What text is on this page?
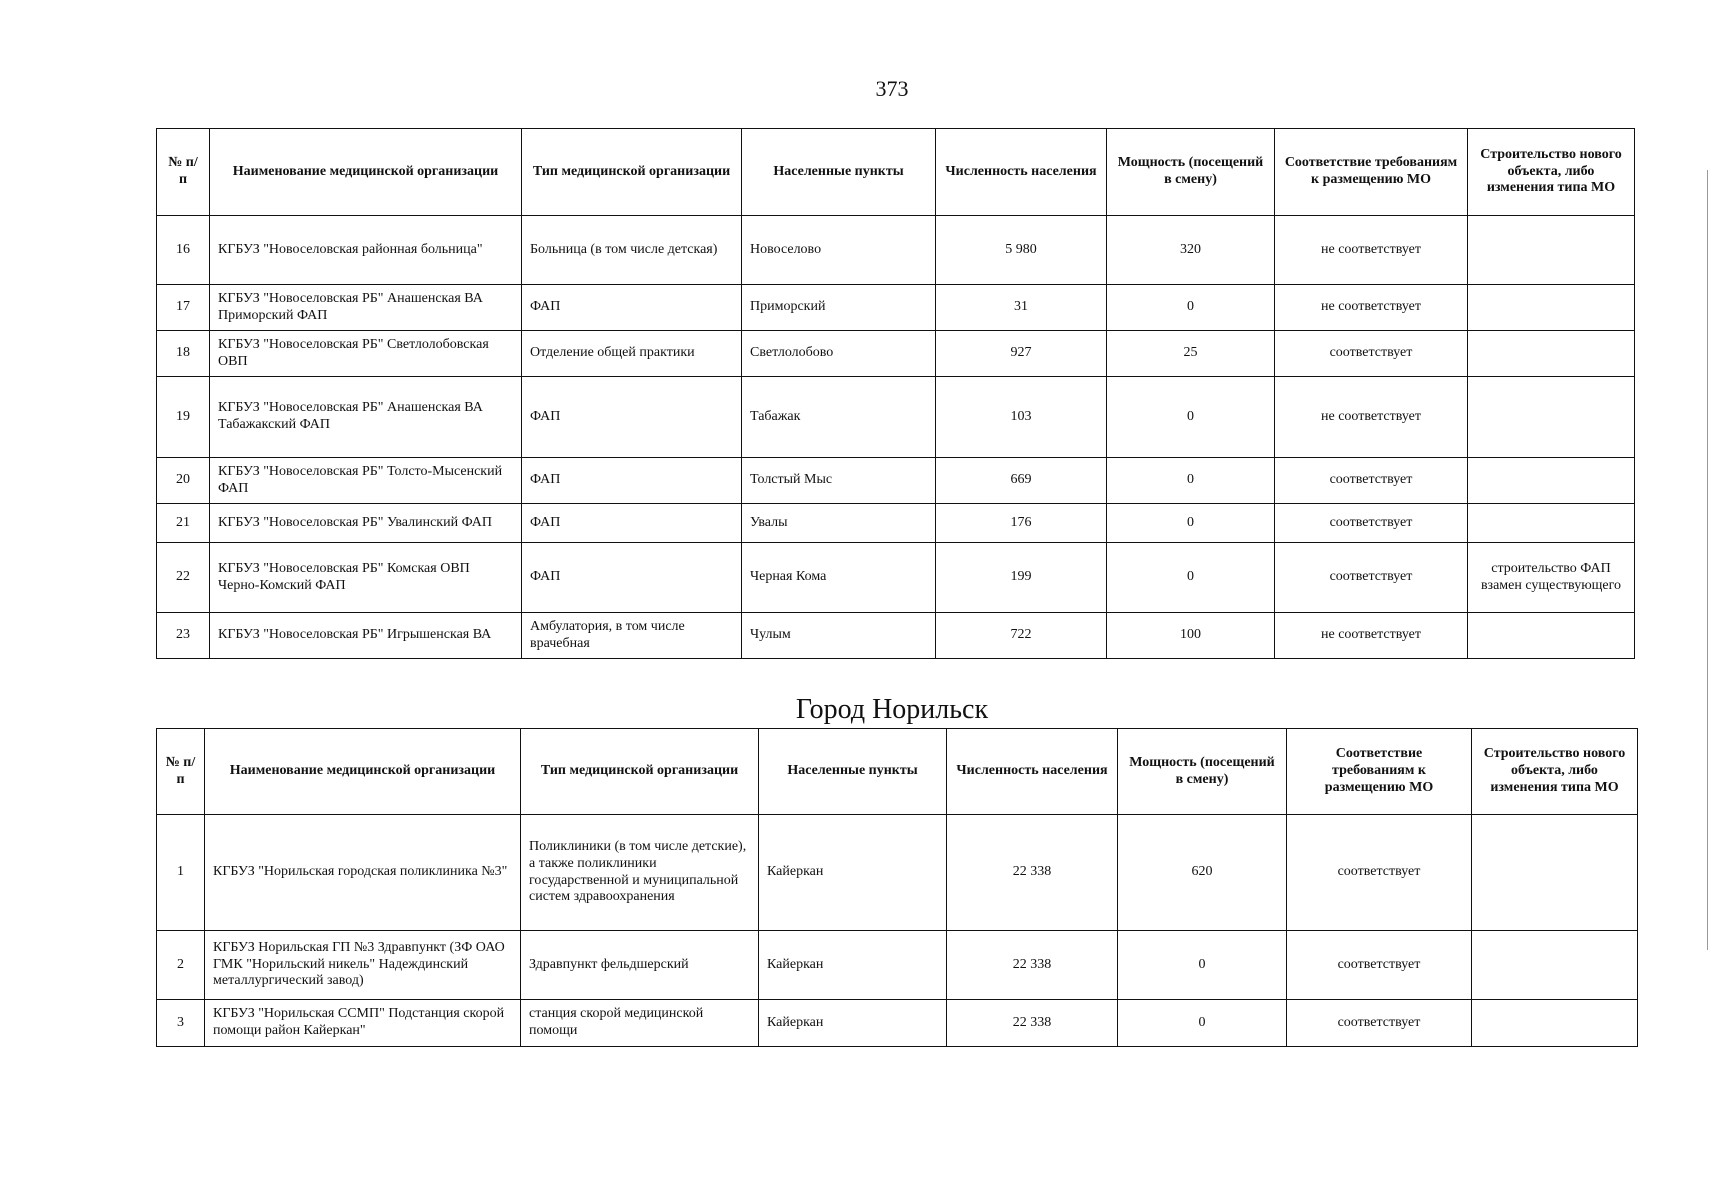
373
№ п/п	Наименование медицинской организации	Тип медицинской организации	Населенные пункты	Численность населения	Мощность (посещений в смену)	Соответствие требованиям к размещению МО	Строительство нового объекта, либо изменения типа МО
16	КГБУЗ "Новоселовская районная больница"	Больница (в том числе детская)	Новоселово	5 980	320	не соответствует	
17	КГБУЗ "Новоселовская РБ" Анашенская ВА Приморский ФАП	ФАП	Приморский	31	0	не соответствует	
18	КГБУЗ "Новоселовская РБ" Светлолобовская ОВП	Отделение общей практики	Светлолобово	927	25	соответствует	
19	КГБУЗ "Новоселовская РБ" Анашенская ВА Табажакский ФАП	ФАП	Табажак	103	0	не соответствует	
20	КГБУЗ "Новоселовская РБ" Толсто-Мысенский ФАП	ФАП	Толстый Мыс	669	0	соответствует	
21	КГБУЗ "Новоселовская РБ" Увалинский ФАП	ФАП	Увалы	176	0	соответствует	
22	КГБУЗ "Новоселовская РБ" Комская ОВП Черно-Комский ФАП	ФАП	Черная Кома	199	0	соответствует	строительство ФАП взамен существующего
23	КГБУЗ "Новоселовская РБ" Игрышенская ВА	Амбулатория, в том числе врачебная	Чулым	722	100	не соответствует	
Город Норильск
№ п/п	Наименование медицинской организации	Тип медицинской организации	Населенные пункты	Численность населения	Мощность (посещений в смену)	Соответствие требованиям к размещению МО	Строительство нового объекта, либо изменения типа МО
1	КГБУЗ "Норильская городская поликлиника №3"	Поликлиники (в том числе детские), а также поликлиники государственной и муниципальной систем здравоохранения	Кайеркан	22 338	620	соответствует	
2	КГБУЗ Норильская ГП №3 Здравпункт (ЗФ ОАО ГМК "Норильский никель" Надеждинский металлургический завод)	Здравпункт фельдшерский	Кайеркан	22 338	0	соответствует	
3	КГБУЗ "Норильская ССМП" Подстанция скорой помощи район Кайеркан"	станция скорой медицинской помощи	Кайеркан	22 338	0	соответствует	
